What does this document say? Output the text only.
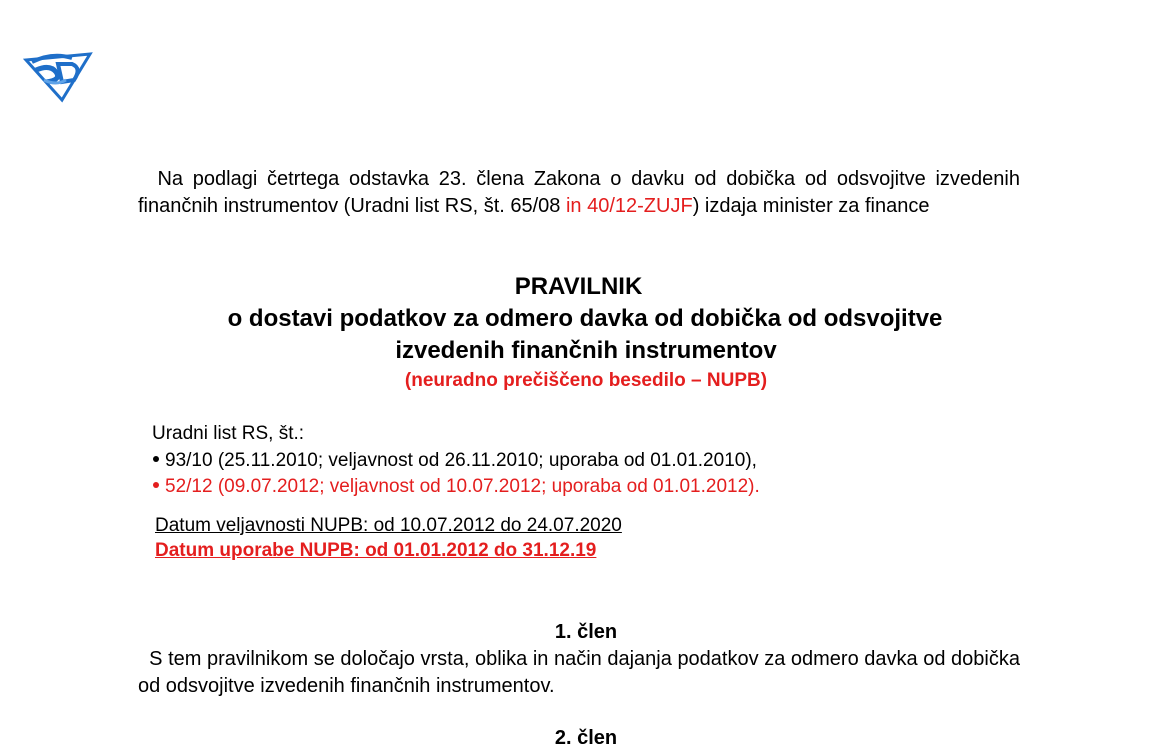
Na podlagi četrtega odstavka 23. člena Zakona o davku od dobička od odsvojitve izvedenih finančnih instrumentov (Uradni list RS, št. 65/08 in 40/12-ZUJF) izdaja minister za finance
PRAVILNIK
o dostavi podatkov za odmero davka od dobička od odsvojitve
izvedenih finančnih instrumentov
(neuradno prečiščeno besedilo – NUPB)
Uradni list RS, št.:
93/10 (25.11.2010; veljavnost od 26.11.2010; uporaba od 01.01.2010),
52/12 (09.07.2012; veljavnost od 10.07.2012; uporaba od 01.01.2012).
Datum veljavnosti NUPB: od 10.07.2012 do 24.07.2020
Datum uporabe NUPB: od 01.01.2012 do 31.12.19
1. člen
S tem pravilnikom se določajo vrsta, oblika in način dajanja podatkov za odmero davka od dobička od odsvojitve izvedenih finančnih instrumentov.
2. člen
